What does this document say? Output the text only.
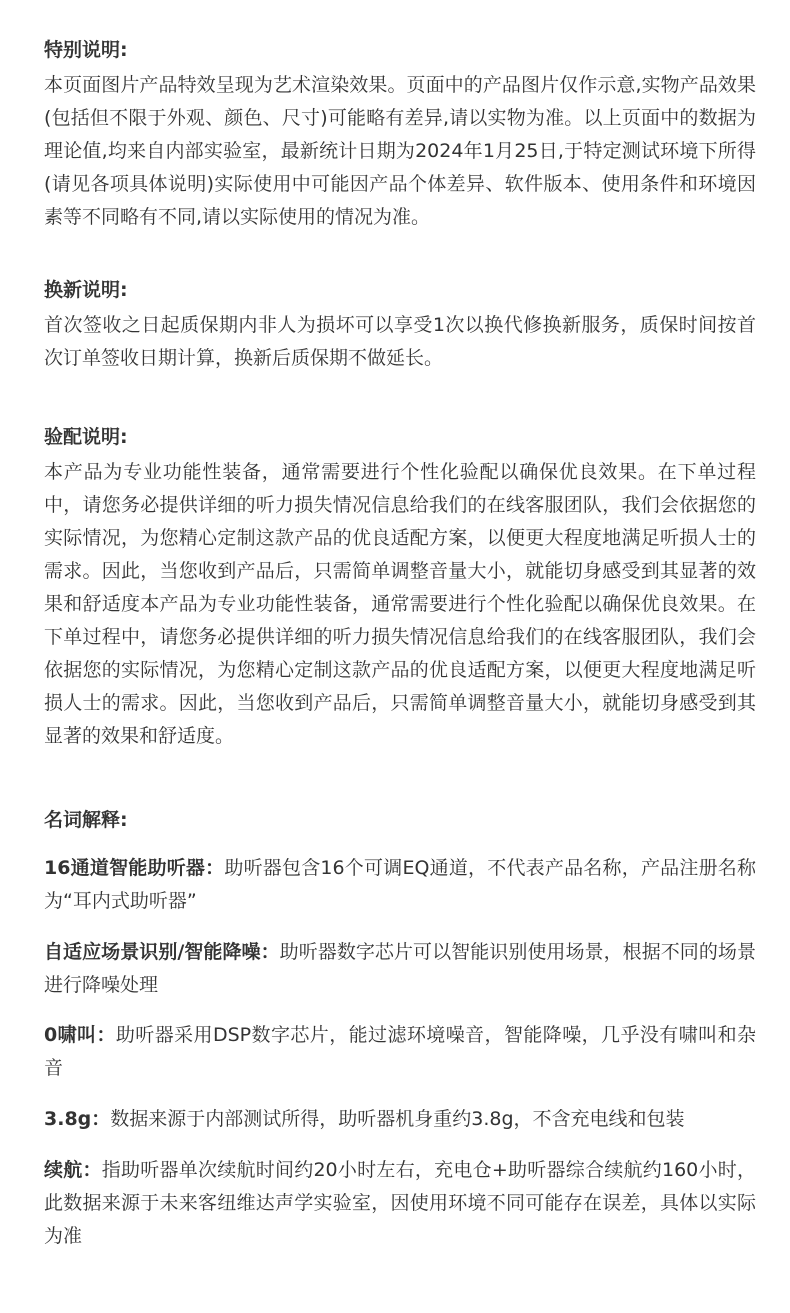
特别说明:

本页面图片产品特效呈现为艺术渲染效果。页面中的产品图片仅作示意,实物产品效果(包括但不限于外观、颜色、尺寸)可能略有差异,请以实物为准。以上页面中的数据为理论值,均来自内部实验室，最新统计日期为2024年1月25日,于特定测试环境下所得(请见各项具体说明)实际使用中可能因产品个体差异、软件版本、使用条件和环境因素等不同略有不同,请以实际使用的情况为准。

换新说明:

首次签收之日起质保期内非人为损坏可以享受1次以换代修换新服务，质保时间按首次订单签收日期计算，换新后质保期不做延长。

验配说明:

本产品为专业功能性装备，通常需要进行个性化验配以确保优良效果。在下单过程中，请您务必提供详细的听力损失情况信息给我们的在线客服团队，我们会依据您的实际情况，为您精心定制这款产品的优良适配方案，以便更大程度地满足听损人士的需求。因此，当您收到产品后，只需简单调整音量大小，就能切身感受到其显著的效果和舒适度本产品为专业功能性装备，通常需要进行个性化验配以确保优良效果。在下单过程中，请您务必提供详细的听力损失情况信息给我们的在线客服团队，我们会依据您的实际情况，为您精心定制这款产品的优良适配方案，以便更大程度地满足听损人士的需求。因此，当您收到产品后，只需简单调整音量大小，就能切身感受到其显著的效果和舒适度。

名词解释:

16通道智能助听器：助听器包含16个可调EQ通道，不代表产品名称，产品注册名称为“耳内式助听器”

自适应场景识别/智能降噪：助听器数字芯片可以智能识别使用场景，根据不同的场景进行降噪处理

0啸叫：助听器采用DSP数字芯片，能过滤环境噪音，智能降噪，几乎没有啸叫和杂音

3.8g：数据来源于内部测试所得，助听器机身重约3.8g，不含充电线和包装

续航：指助听器单次续航时间约20小时左右，充电仓+助听器综合续航约160小时，此数据来源于未来客纽维达声学实验室，因使用环境不同可能存在误差，具体以实际为准
